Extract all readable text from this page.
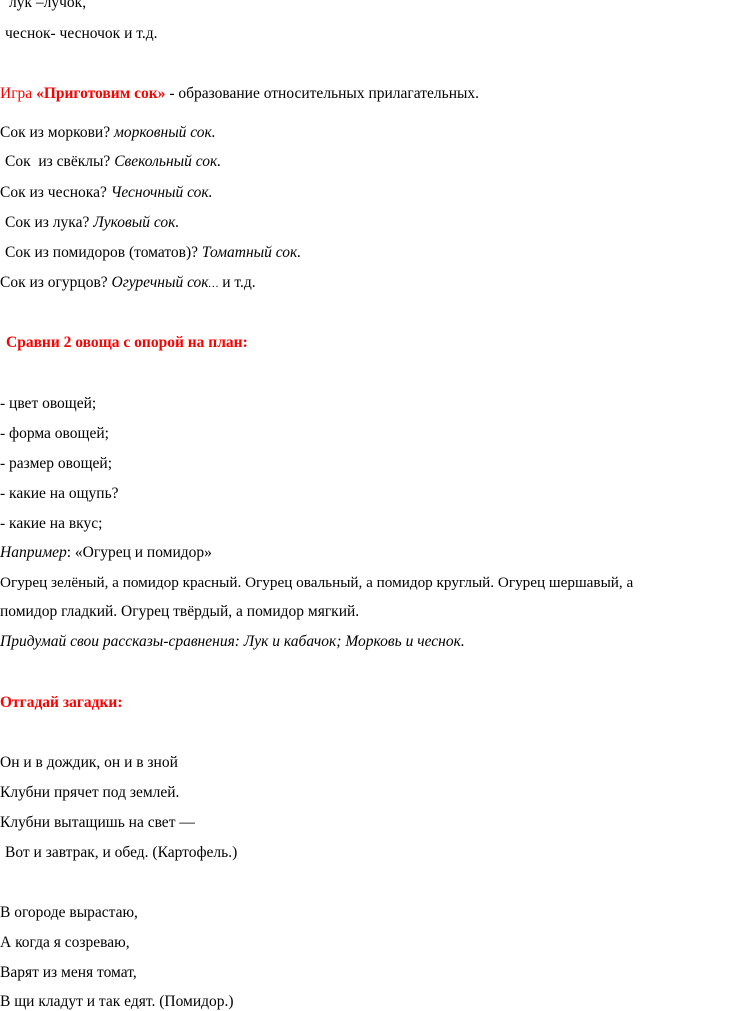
лук –лучок,
чеснок- чесночок и т.д.
Игра «Приготовим сок» - образование относительных прилагательных.
Сок из моркови? морковный сок.
Сок  из свёклы? Свекольный сок.
Сок из чеснока? Чесночный сок.
Сок из лука? Луковый сок.
Сок из помидоров (томатов)? Томатный сок.
Сок из огурцов? Огуречный сок… и т.д.
Сравни 2 овоща с опорой на план:
- цвет овощей;
- форма овощей;
- размер овощей;
- какие на ощупь?
- какие на вкус;
Например: «Огурец и помидор»
Огурец зелёный, а помидор красный. Огурец овальный, а помидор круглый. Огурец шершавый, а
помидор гладкий. Огурец твёрдый, а помидор мягкий.
Придумай свои рассказы-сравнения: Лук и кабачок; Морковь и чеснок.
Отгадай загадки:
Он и в дождик, он и в зной
Клубни прячет под землей.
Клубни вытащишь на свет —
Вот и завтрак, и обед. (Картофель.)
В огороде вырастаю,
А когда я созреваю,
Варят из меня томат,
В щи кладут и так едят. (Помидор.)
